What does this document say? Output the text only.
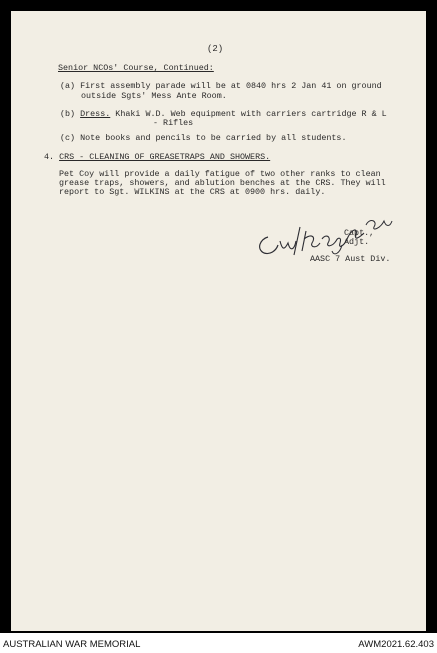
(2)
Senior NCOs' Course, Continued:
(a) First assembly parade will be at 0840 hrs 2 Jan 41 on ground
outside Sgts' Mess Ante Room.
(b) Dress. Khaki W.D. Web equipment with carriers cartridge R & L
- Rifles
(c) Note books and pencils to be carried by all students.
4. CRS - CLEANING OF GREASETRAPS AND SHOWERS.
Pet Coy will provide a daily fatigue of two other ranks to clean
grease traps, showers, and ablution benches at the CRS. They will
report to Sgt. WILKINS at the CRS at 0900 hrs. daily.
Capt.,
Adjt.
AASC 7 Aust Div.
AUSTRALIAN WAR MEMORIAL	AWM2021.62.403
